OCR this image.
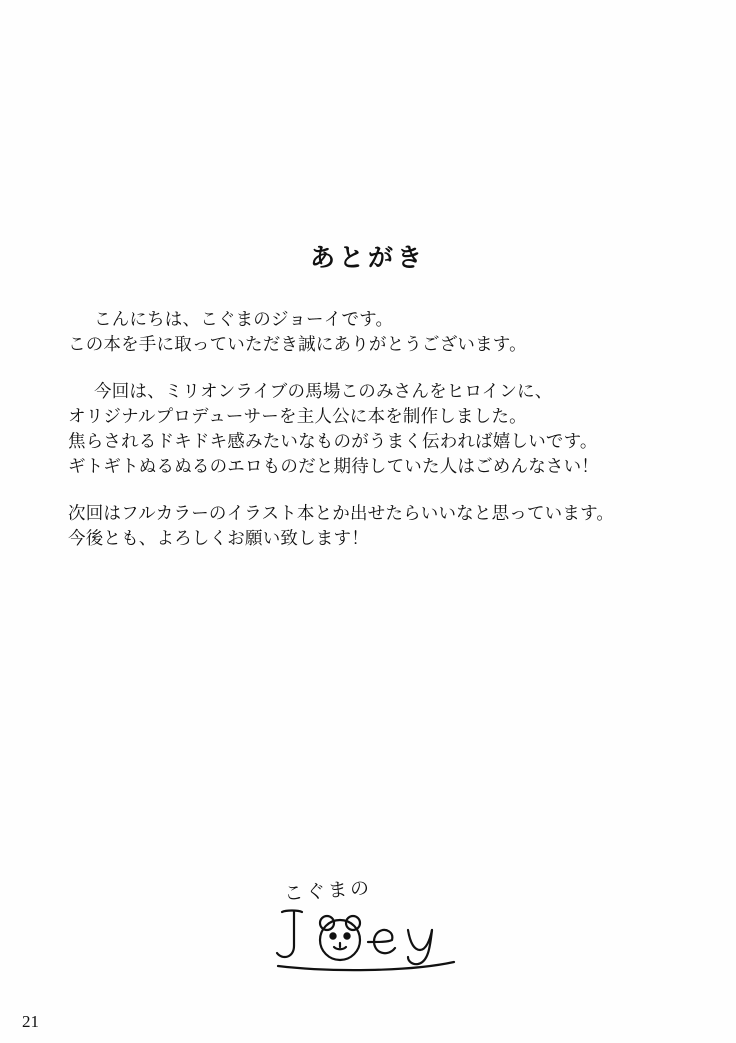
あとがき

こんにちは、こぐまのジョーイです。
この本を手に取っていただき誠にありがとうございます。

今回は、ミリオンライブの馬場このみさんをヒロインに、
オリジナルプロデューサーを主人公に本を制作しました。
焦らされるドキドキ感みたいなものがうまく伝われば嬉しいです。
ギトギトぬるぬるのエロものだと期待していた人はごめんなさい！

次回はフルカラーのイラスト本とか出せたらいいなと思っています。
今後とも、よろしくお願い致します！

こぐまの
21
